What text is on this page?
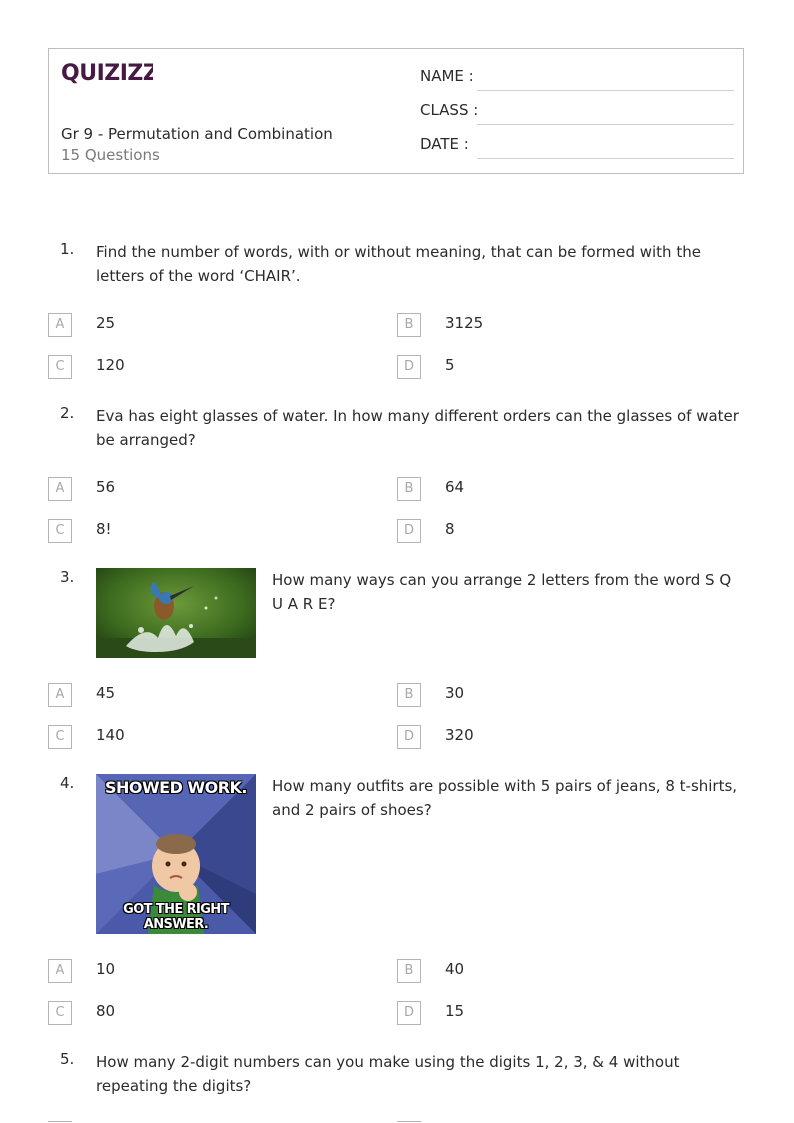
QUIZIZZ
Gr 9 - Permutation and Combination
15 Questions
NAME :
CLASS :
DATE :
1. Find the number of words, with or without meaning, that can be formed with the letters of the word ‘CHAIR’.
A	25	B	3125
C	120	D	5
2. Eva has eight glasses of water. In how many different orders can the glasses of water be arranged?
A	56	B	64
C	8!	D	8
3.	How many ways can you arrange 2 letters from the word S Q U A R E?
A	45	B	30
C	140	D	320
4.	SHOWED WORK.
GOT THE RIGHT ANSWER.
How many outfits are possible with 5 pairs of jeans, 8 t-shirts, and 2 pairs of shoes?
A	10	B	40
C	80	D	15
5. How many 2-digit numbers can you make using the digits 1, 2, 3, & 4 without repeating the digits?
